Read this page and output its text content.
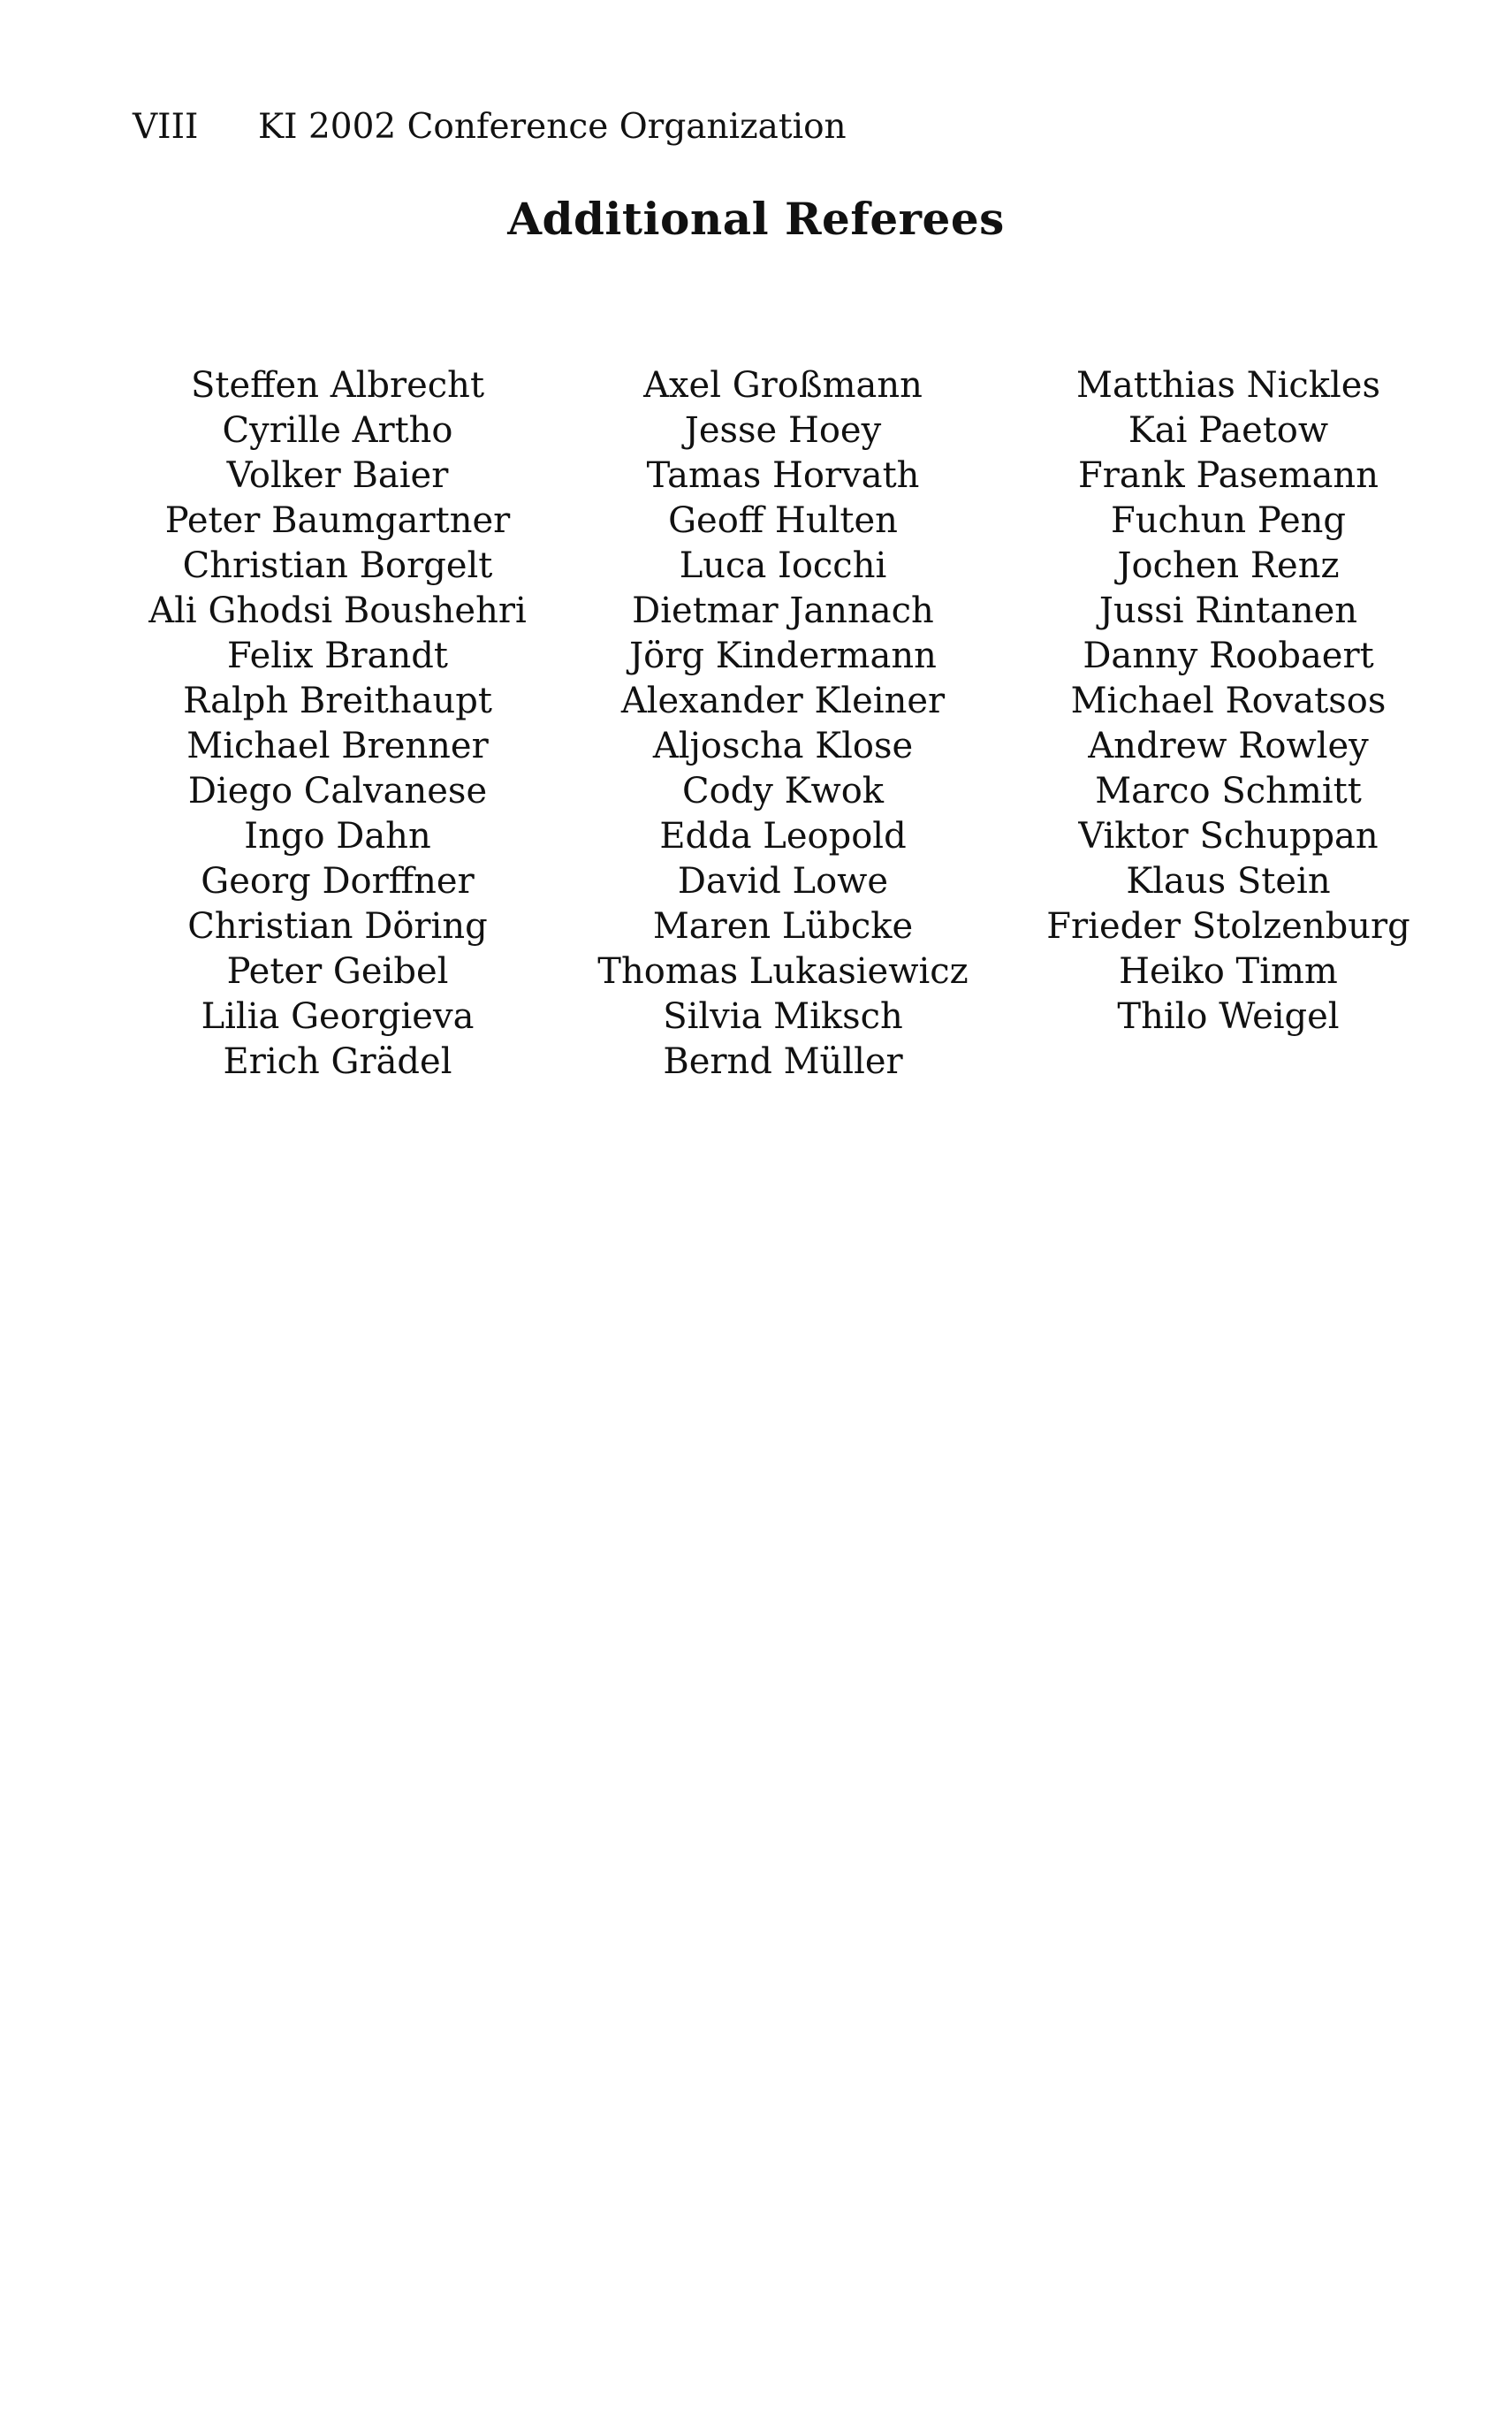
VIII KI 2002 Conference Organization
Additional Referees
Steffen Albrecht
Cyrille Artho
Volker Baier
Peter Baumgartner
Christian Borgelt
Ali Ghodsi Boushehri
Felix Brandt
Ralph Breithaupt
Michael Brenner
Diego Calvanese
Ingo Dahn
Georg Dorffner
Christian Döring
Peter Geibel
Lilia Georgieva
Erich Grädel
Axel Großmann
Jesse Hoey
Tamas Horvath
Geoff Hulten
Luca Iocchi
Dietmar Jannach
Jörg Kindermann
Alexander Kleiner
Aljoscha Klose
Cody Kwok
Edda Leopold
David Lowe
Maren Lübcke
Thomas Lukasiewicz
Silvia Miksch
Bernd Müller
Matthias Nickles
Kai Paetow
Frank Pasemann
Fuchun Peng
Jochen Renz
Jussi Rintanen
Danny Roobaert
Michael Rovatsos
Andrew Rowley
Marco Schmitt
Viktor Schuppan
Klaus Stein
Frieder Stolzenburg
Heiko Timm
Thilo Weigel
